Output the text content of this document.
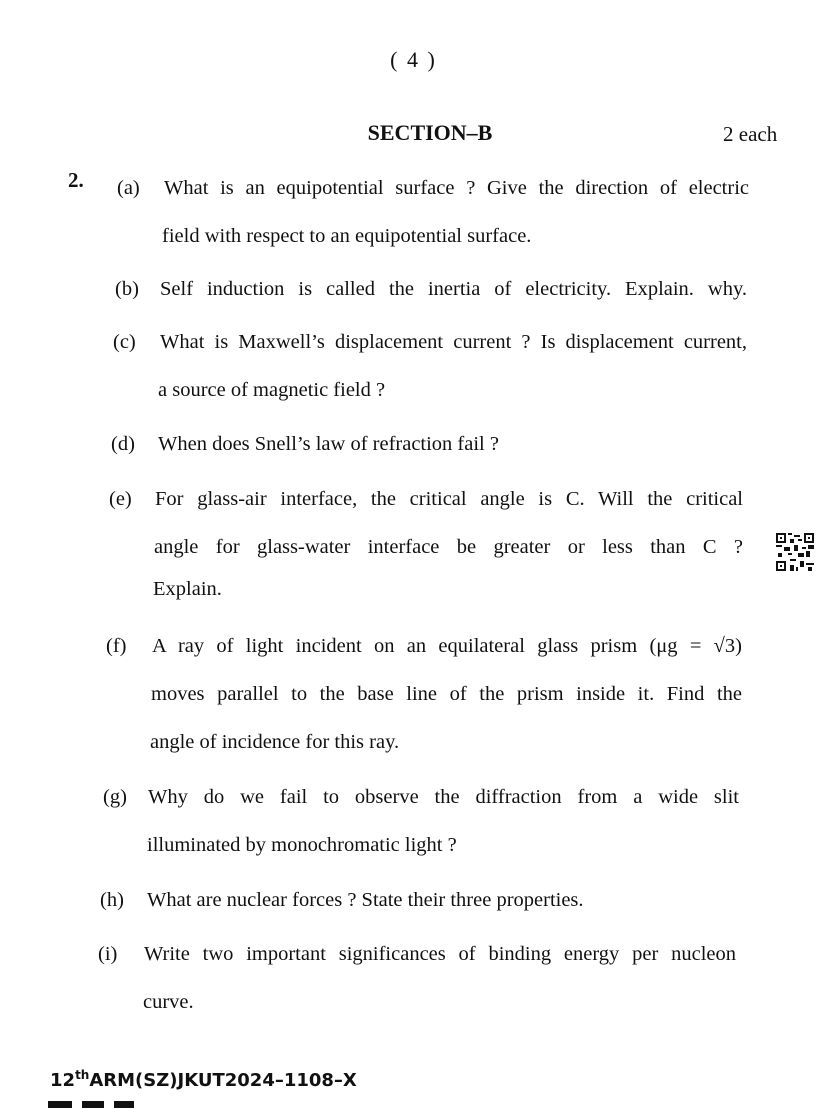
( 4 )
SECTION–B	2 each
2. (a) What is an equipotential surface ? Give the direction of electric
field with respect to an equipotential surface.
(b) Self induction is called the inertia of electricity. Explain. why.
(c) What is Maxwell’s displacement current ? Is displacement current,
a source of magnetic field ?
(d) When does Snell’s law of refraction fail ?
(e) For glass-air interface, the critical angle is C. Will the critical
angle for glass-water interface be greater or less than C ?
Explain.
(f) A ray of light incident on an equilateral glass prism (μg = √3)
moves parallel to the base line of the prism inside it. Find the
angle of incidence for this ray.
(g) Why do we fail to observe the diffraction from a wide slit
illuminated by monochromatic light ?
(h) What are nuclear forces ? State their three properties.
(i) Write two important significances of binding energy per nucleon
curve.
12thARM(SZ)JKUT2024–1108–X
